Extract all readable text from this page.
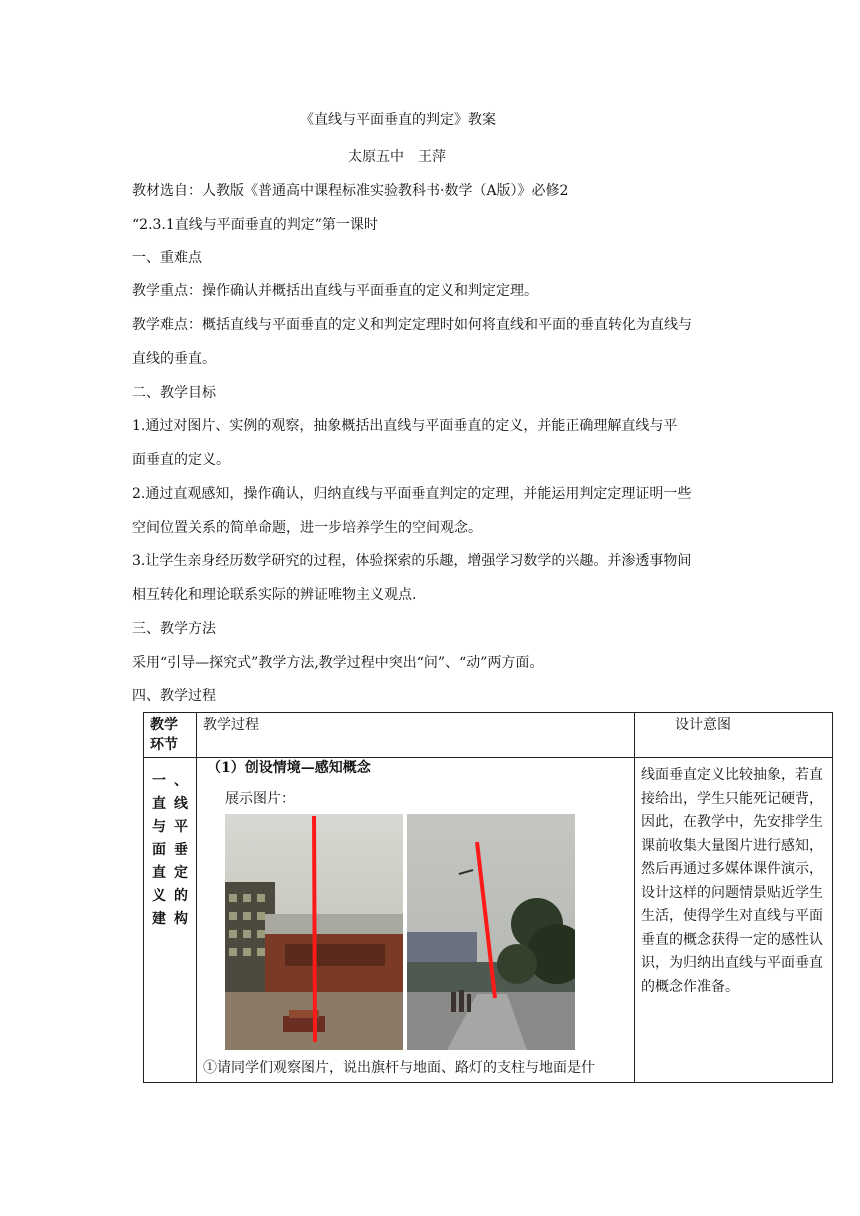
《直线与平面垂直的判定》教案
太原五中　王萍
教材选自：人教版《普通高中课程标准实验教科书·数学（A版）》必修2
“2.3.1直线与平面垂直的判定”第一课时
一、重难点
教学重点：操作确认并概括出直线与平面垂直的定义和判定定理。
教学难点：概括直线与平面垂直的定义和判定定理时如何将直线和平面的垂直转化为直线与
直线的垂直。
二、教学目标
1.通过对图片、实例的观察，抽象概括出直线与平面垂直的定义，并能正确理解直线与平
面垂直的定义。
2.通过直观感知，操作确认，归纳直线与平面垂直判定的定理，并能运用判定定理证明一些
空间位置关系的简单命题，进一步培养学生的空间观念。
3.让学生亲身经历数学研究的过程，体验探索的乐趣，增强学习数学的兴趣。并渗透事物间
相互转化和理论联系实际的辨证唯物主义观点.
三、教学方法
采用“引导—探究式”教学方法,教学过程中突出“问”、“动”两方面。
四、教学过程
教学环节	教学过程	设计意图

一、直线与平面垂直定义的建构	（1）创设情境—感知概念
展示图片：
①请同学们观察图片，说出旗杆与地面、路灯的支柱与地面是什	线面垂直定义比较抽象，若直接给出，学生只能死记硬背，因此，在教学中，先安排学生课前收集大量图片进行感知，然后再通过多媒体课件演示，设计这样的问题情景贴近学生生活，使得学生对直线与平面垂直的概念获得一定的感性认识，为归纳出直线与平面垂直的概念作准备。
